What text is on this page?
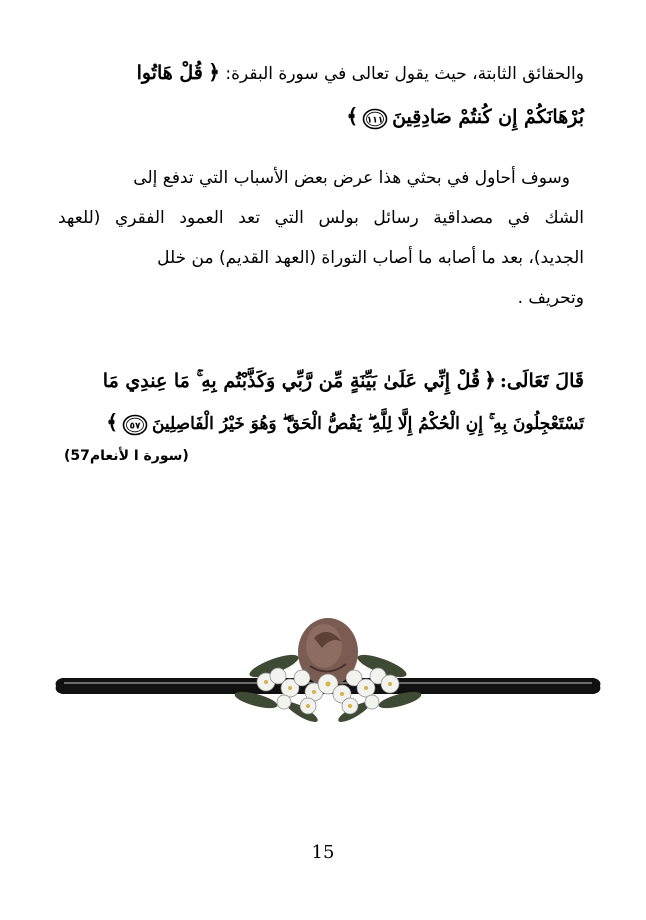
والحقائق الثابتة، حيث يقول تعالى في سورة البقرة: ﴿ قُلْ هَاتُوا
بُرْهَانَكُمْ إِن كُنتُمْ صَادِقِينَ
١١١
﴾
وسوف أحاول في بحثي هذا عرض بعض الأسباب التي تدفع إلى
الشك في مصداقية رسائل بولس التي تعد العمود الفقري (للعهد
الجديد)، بعد ما أصابه ما أصاب التوراة (العهد القديم) من خلل
وتحريف .
قَالَ تَعَالَى: ﴿ قُلْ إِنِّي عَلَىٰ بَيِّنَةٍ مِّن رَّبِّي وَكَذَّبْتُم بِهِ ۚ مَا عِندِي مَا
تَسْتَعْجِلُونَ بِهِ ۚ إِنِ الْحُكْمُ إِلَّا لِلَّهِ ۖ يَقُصُّ الْحَقَّ ۖ وَهُوَ خَيْرُ الْفَاصِلِينَ
٥٧
﴾
(سورة ا لأنعام57)
15
